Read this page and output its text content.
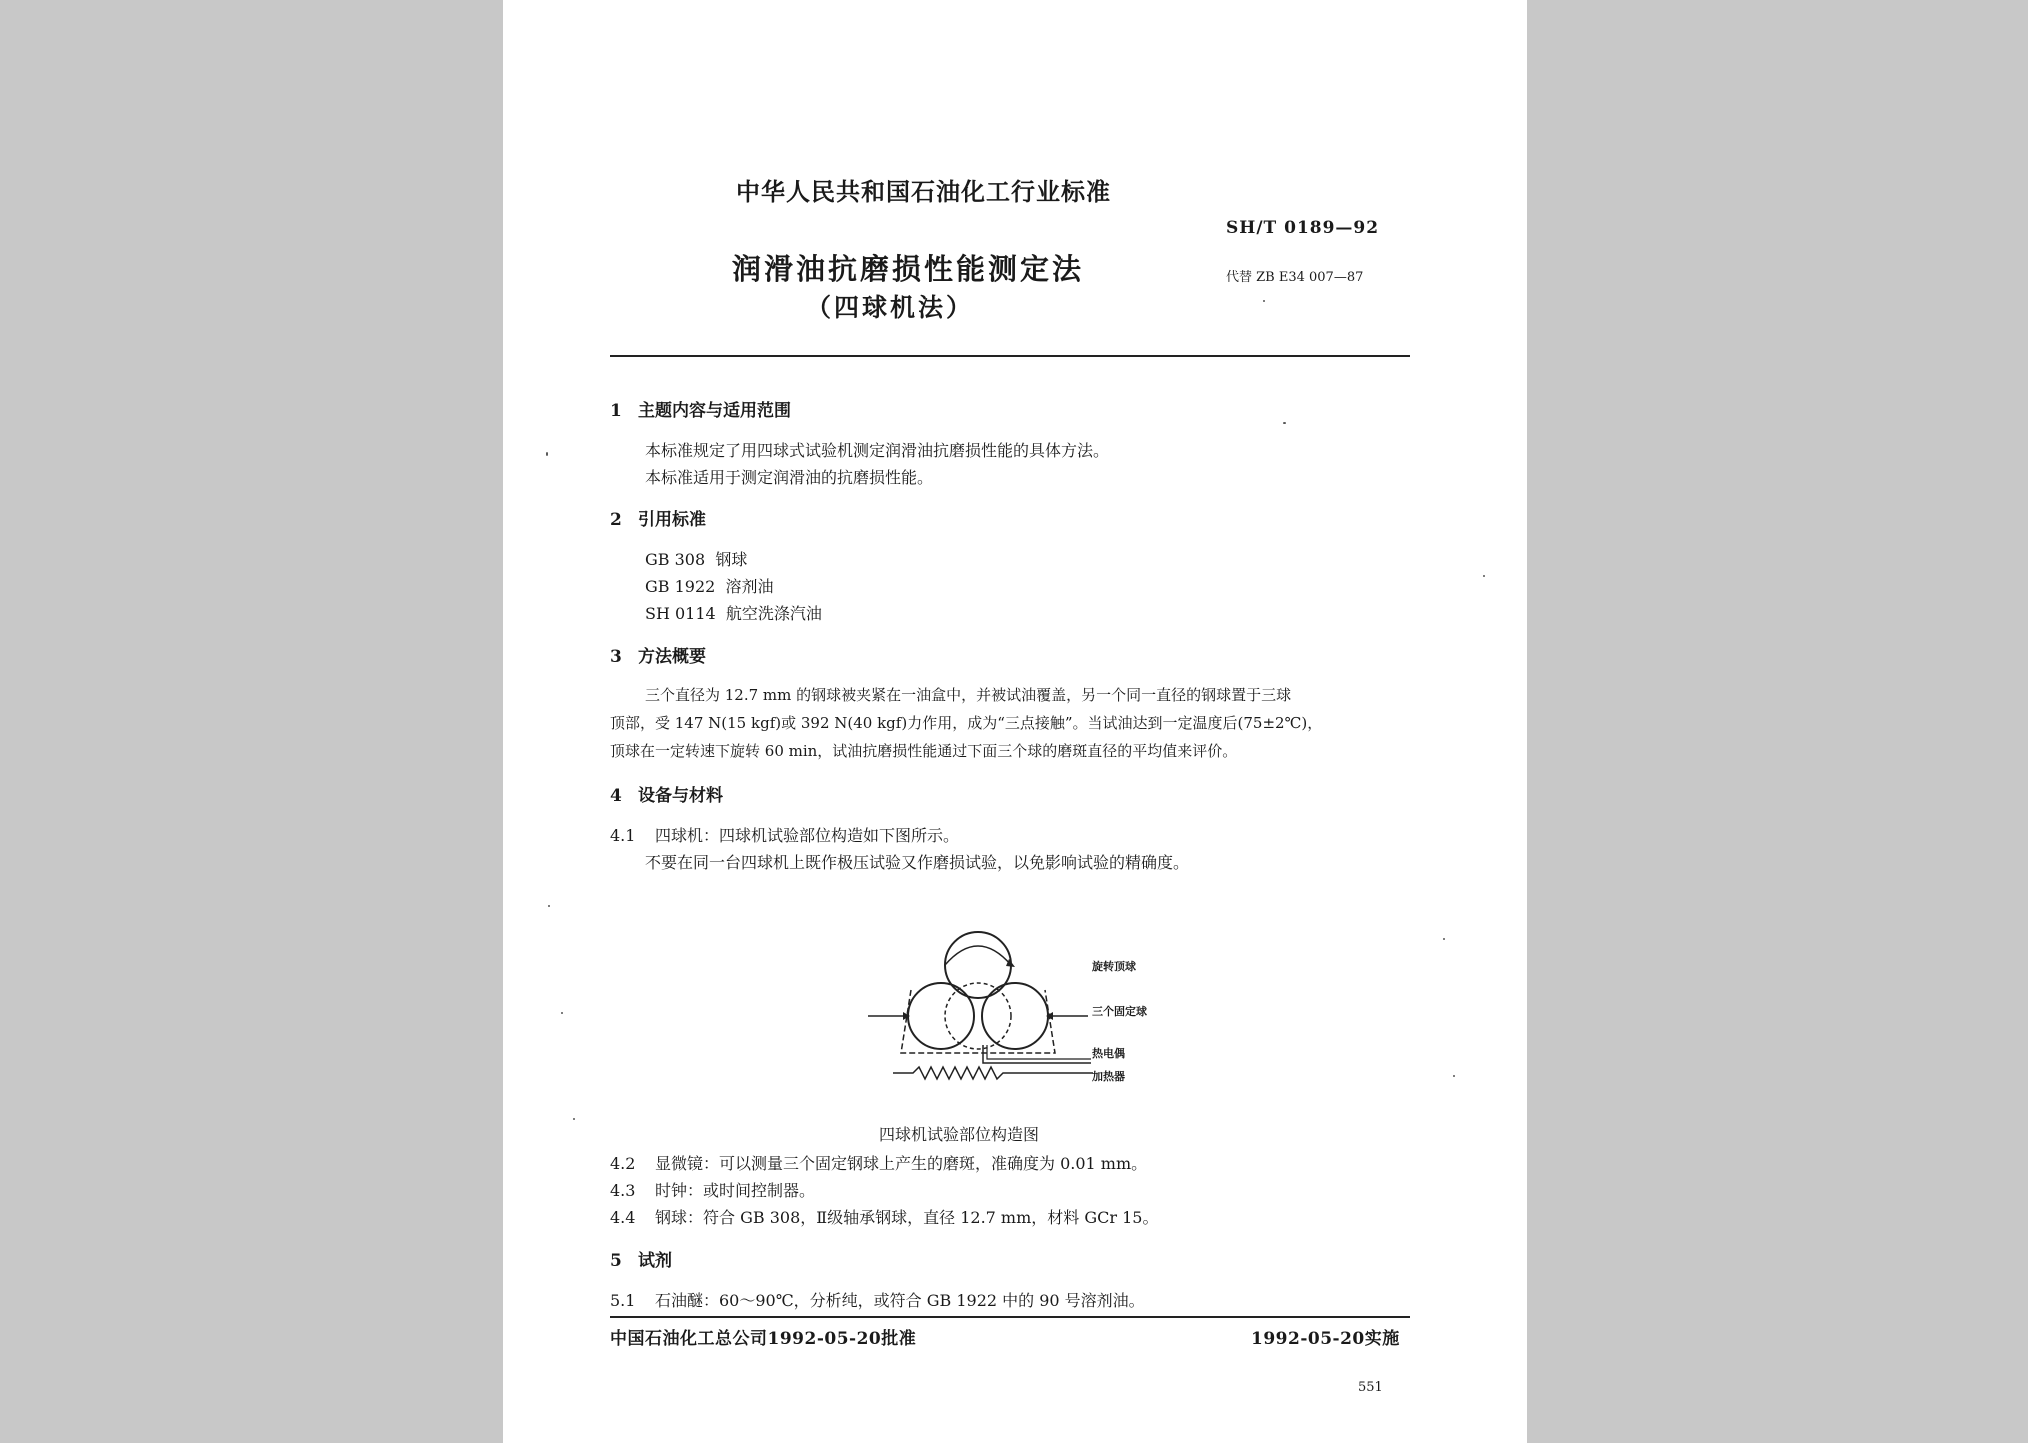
中华人民共和国石油化工行业标准
SH/T 0189—92
润滑油抗磨损性能测定法
（四球机法）
代替 ZB E34 007—87
1 主题内容与适用范围
本标准规定了用四球式试验机测定润滑油抗磨损性能的具体方法。
本标准适用于测定润滑油的抗磨损性能。
2 引用标准
GB 308 钢球
GB 1922 溶剂油
SH 0114 航空洗涤汽油
3 方法概要
三个直径为 12.7 mm 的钢球被夹紧在一油盒中，并被试油覆盖，另一个同一直径的钢球置于三球
顶部，受 147 N(15 kgf)或 392 N(40 kgf)力作用，成为“三点接触”。当试油达到一定温度后(75±2℃)，
顶球在一定转速下旋转 60 min，试油抗磨损性能通过下面三个球的磨斑直径的平均值来评价。
4 设备与材料
4.1 四球机：四球机试验部位构造如下图所示。
不要在同一台四球机上既作极压试验又作磨损试验，以免影响试验的精确度。
旋转顶球
三个固定球
热电偶
加热器
四球机试验部位构造图
4.2 显微镜：可以测量三个固定钢球上产生的磨斑，准确度为 0.01 mm。
4.3 时钟：或时间控制器。
4.4 钢球：符合 GB 308，Ⅱ级轴承钢球，直径 12.7 mm，材料 GCr 15。
5 试剂
5.1 石油醚：60～90℃，分析纯，或符合 GB 1922 中的 90 号溶剂油。
中国石油化工总公司1992-05-20批准	1992-05-20实施
551
